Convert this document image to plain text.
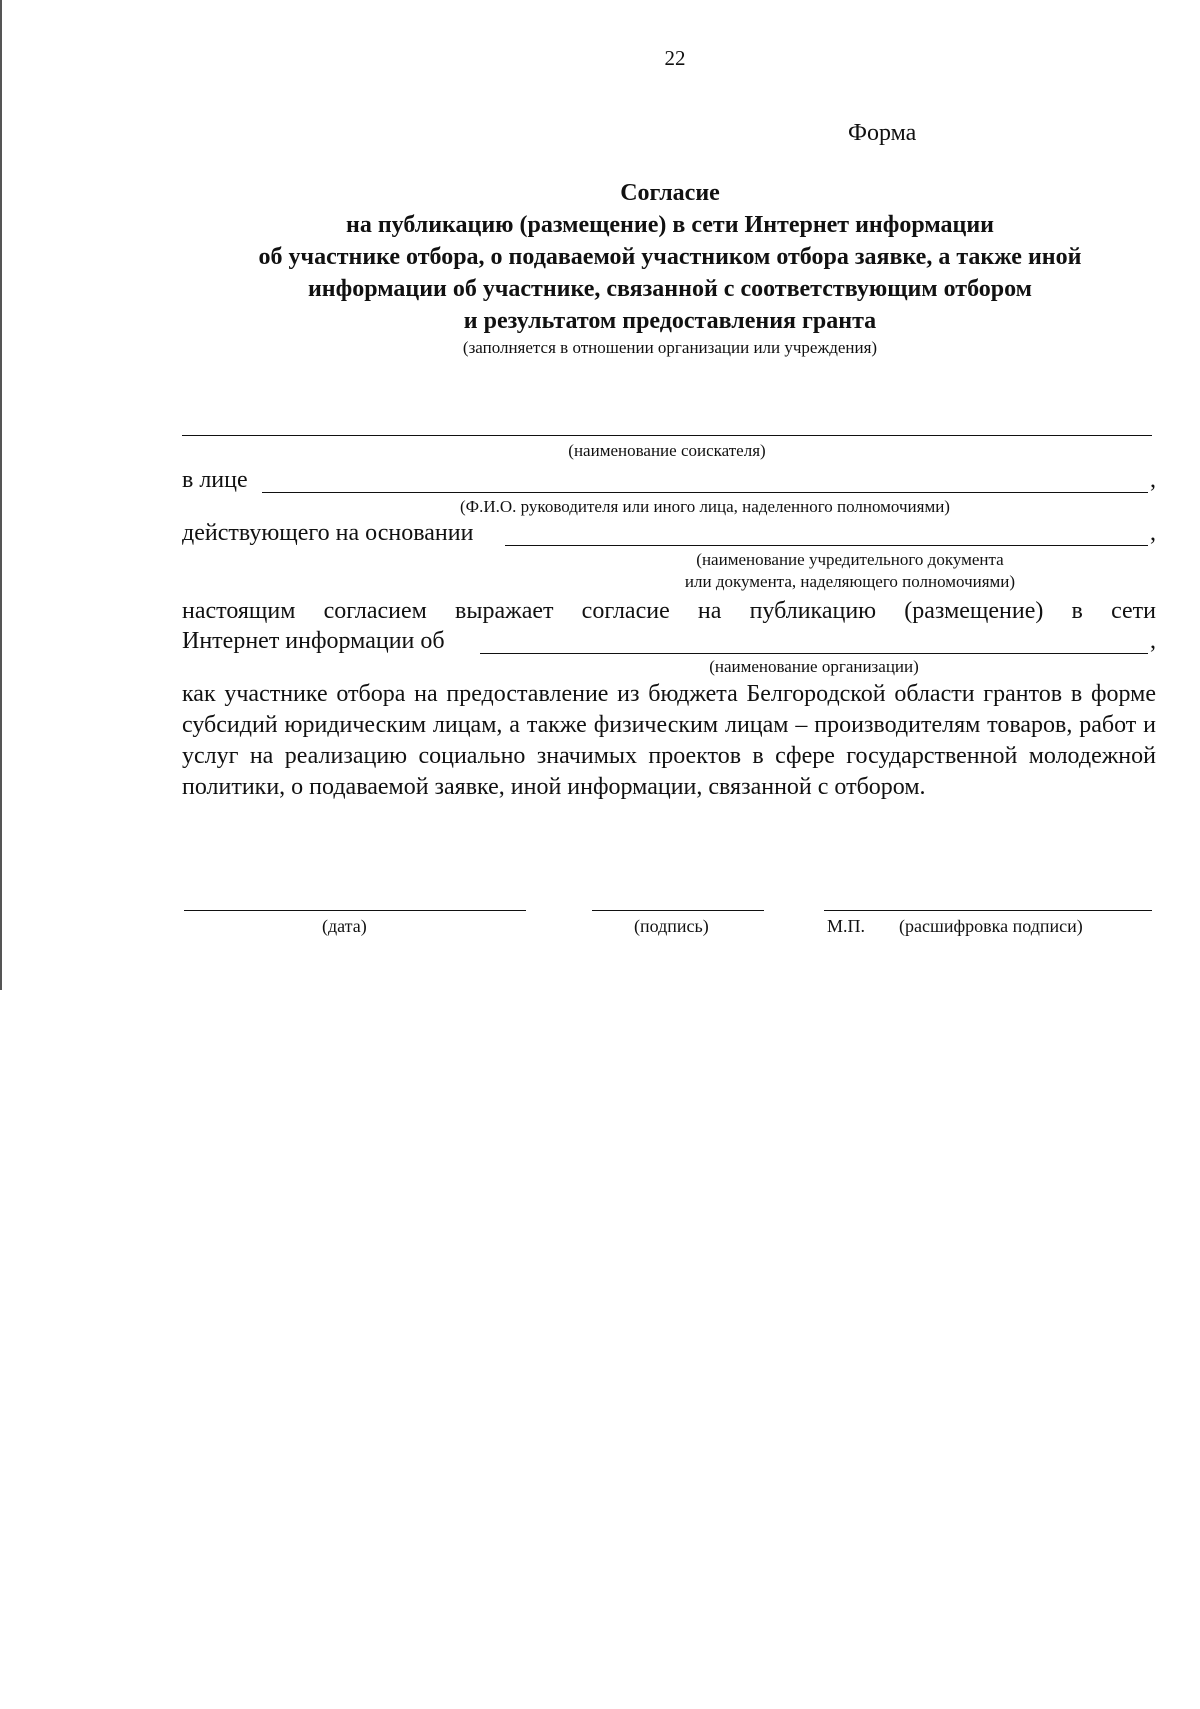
22
Форма
Согласие
на публикацию (размещение) в сети Интернет информации
об участнике отбора, о подаваемой участником отбора заявке, а также иной
информации об участнике, связанной с соответствующим отбором
и результатом предоставления гранта
(заполняется в отношении организации или учреждения)
(наименование соискателя)
в лице	,
(Ф.И.О. руководителя или иного лица, наделенного полномочиями)
действующего на основании	,
(наименование учредительного документа
или документа, наделяющего полномочиями)
настоящим согласием выражает согласие на публикацию (размещение) в сети
Интернет информации об	,
(наименование организации)
как участнике отбора на предоставление из бюджета Белгородской области грантов в форме субсидий юридическим лицам, а также физическим лицам – производителям товаров, работ и услуг на реализацию социально значимых проектов в сфере государственной молодежной политики, о подаваемой заявке, иной информации, связанной с отбором.
(дата)	(подпись)	М.П. (расшифровка подписи)
